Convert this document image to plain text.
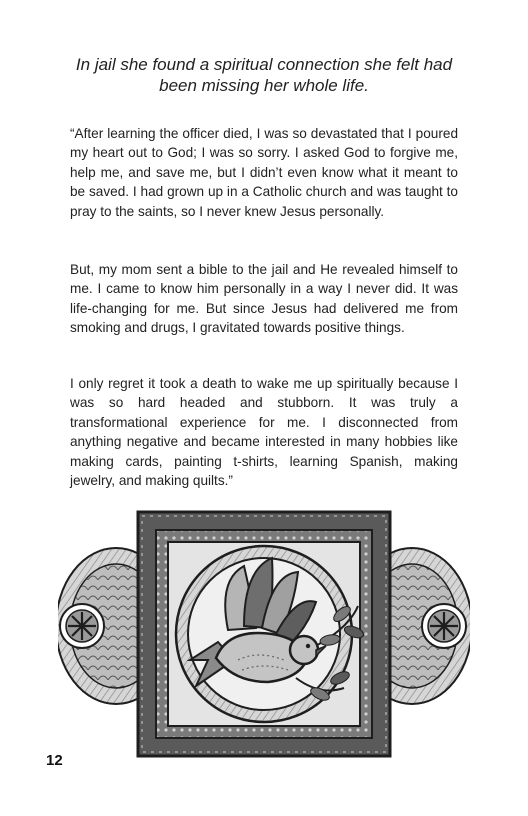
In jail she found a spiritual connection she felt had been missing her whole life.

“After learning the officer died, I was so devastated that I poured my heart out to God; I was so sorry. I asked God to forgive me, help me, and save me, but I didn’t even know what it meant to be saved. I had grown up in a Catholic church and was taught to pray to the saints, so I never knew Jesus personally.

But, my mom sent a bible to the jail and He revealed himself to me. I came to know him personally in a way I never did. It was life-changing for me. But since Jesus had delivered me from smoking and drugs, I gravitated towards positive things.

I only regret it took a death to wake me up spiritually because I was so hard headed and stubborn. It was truly a transformational experience for me. I disconnected from anything negative and became interested in many hobbies like making cards, painting t-shirts, learning Spanish, making jewelry, and making quilts.”

12
